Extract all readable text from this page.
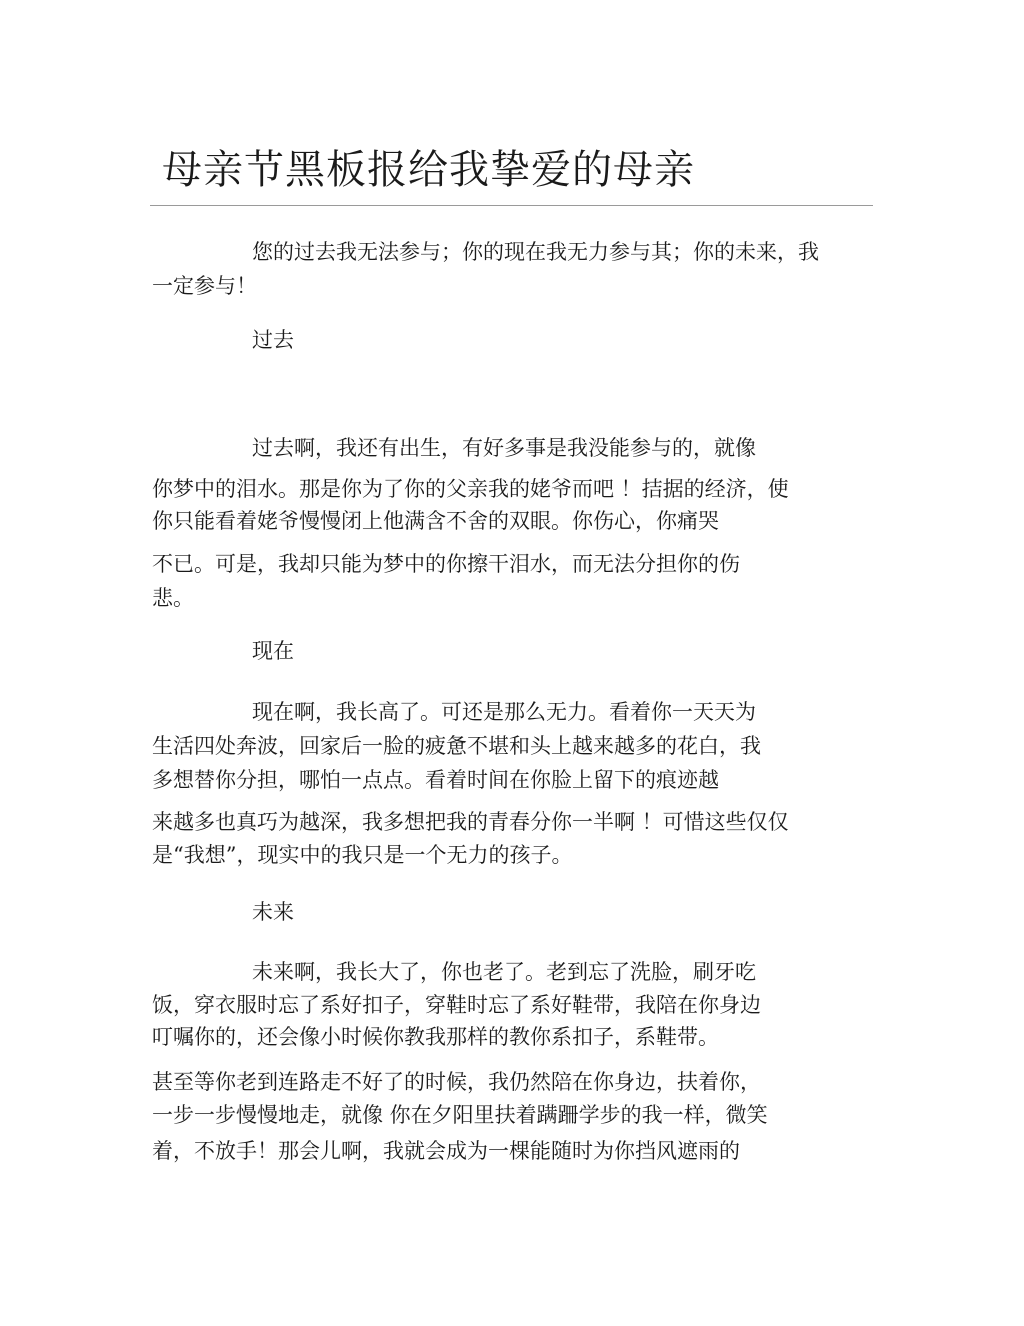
母亲节黑板报给我挚爱的母亲

您的过去我无法参与；你的现在我无力参与其；你的未来，我

一定参与！

过去

过去啊，我还有出生，有好多事是我没能参与的，就像

你梦中的泪水。那是你为了你的父亲我的姥爷而吧 ！拮据的经济，使

你只能看着姥爷慢慢闭上他满含不舍的双眼。你伤心，你痛哭

不已。可是，我却只能为梦中的你擦干泪水，而无法分担你的伤

悲。

现在

现在啊，我长高了。可还是那么无力。看着你一天天为

生活四处奔波，回家后一脸的疲惫不堪和头上越来越多的花白，我

多想替你分担，哪怕一点点。看着时间在你脸上留下的痕迹越

来越多也真巧为越深，我多想把我的青春分你一半啊 ！可惜这些仅仅

是“我想”，现实中的我只是一个无力的孩子。

未来

未来啊，我长大了，你也老了。老到忘了洗脸，刷牙吃

饭，穿衣服时忘了系好扣子，穿鞋时忘了系好鞋带，我陪在你身边

叮嘱你的，还会像小时候你教我那样的教你系扣子，系鞋带。

甚至等你老到连路走不好了的时候，我仍然陪在你身边，扶着你，

一步一步慢慢地走，就像 你在夕阳里扶着蹒跚学步的我一样，微笑

着，不放手！那会儿啊，我就会成为一棵能随时为你挡风遮雨的
